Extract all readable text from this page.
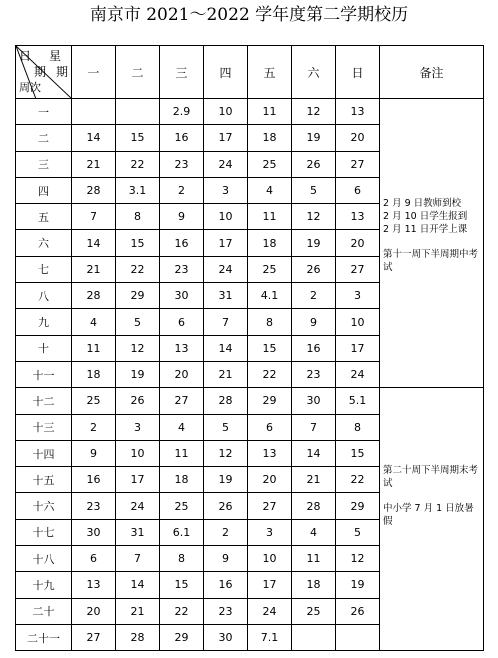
南京市 2021～2022 学年度第二学期校历
日 星
期 期
周次	一	二	三	四	五	六	日	备注
一			2.9	10	11	12	13	2 月 9 日教师到校
2 月 10 日学生报到
2 月 11 日开学上课
第十一周下半周期中考试

二	14	15	16	17	18	19	20	
三	21	22	23	24	25	26	27	
四	28	3.1	2	3	4	5	6	
五	7	8	9	10	11	12	13	
六	14	15	16	17	18	19	20	
七	21	22	23	24	25	26	27	
八	28	29	30	31	4.1	2	3	
九	4	5	6	7	8	9	10	
十	11	12	13	14	15	16	17	
十一	18	19	20	21	22	23	24	
十二	25	26	27	28	29	30	5.1	第二十周下半周期末考试
中小学 7 月 1 日放暑假

十三	2	3	4	5	6	7	8	
十四	9	10	11	12	13	14	15	
十五	16	17	18	19	20	21	22	
十六	23	24	25	26	27	28	29	
十七	30	31	6.1	2	3	4	5	
十八	6	7	8	9	10	11	12	
十九	13	14	15	16	17	18	19	
二十	20	21	22	23	24	25	26	
二十一	27	28	29	30	7.1			
